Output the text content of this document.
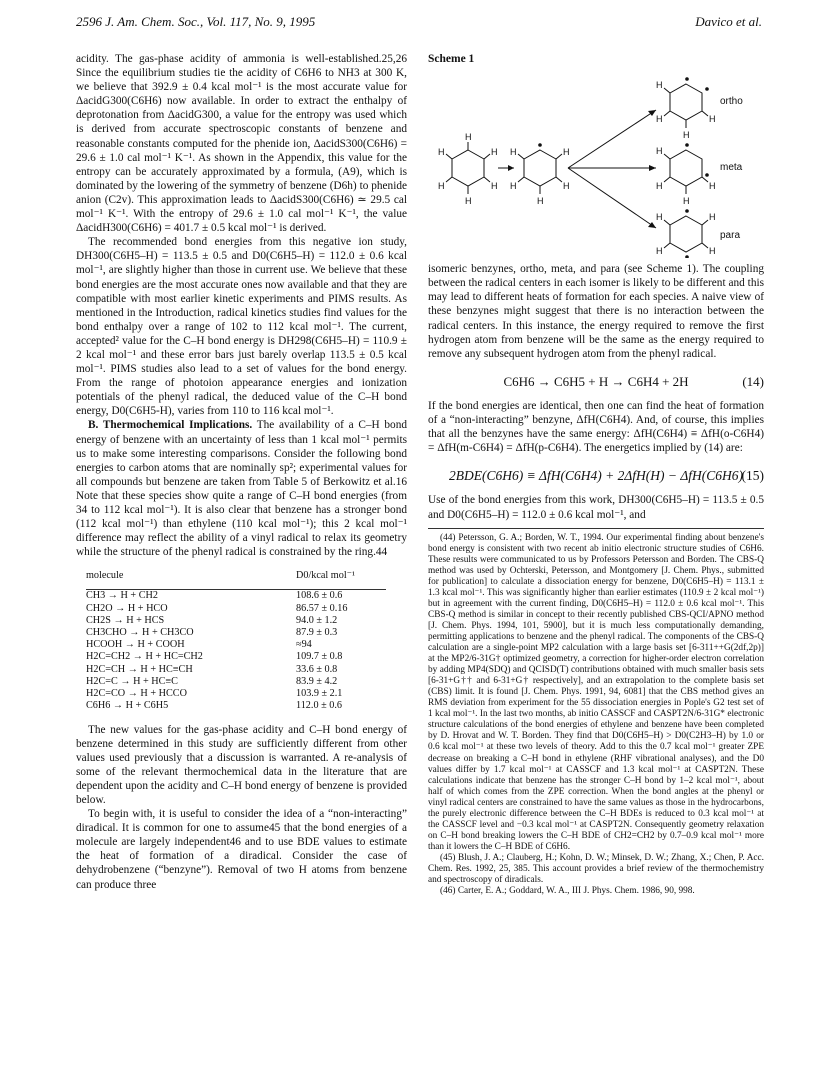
2596 J. Am. Chem. Soc., Vol. 117, No. 9, 1995	Davico et al.

acidity. The gas-phase acidity of ammonia is well-established.25,26 Since the equilibrium studies tie the acidity of C6H6 to NH3 at 300 K, we believe that 392.9 ± 0.4 kcal mol⁻¹ is the most accurate value for ΔacidG300(C6H6) now available. In order to extract the enthalpy of deprotonation from ΔacidG300, a value for the entropy was used which is derived from accurate spectroscopic constants of benzene and reasonable constants computed for the phenide ion, ΔacidS300(C6H6) = 29.6 ± 1.0 cal mol⁻¹ K⁻¹. As shown in the Appendix, this value for the entropy can be accurately approximated by a formula, (A9), which is dominated by the lowering of the symmetry of benzene (D6h) to phenide anion (C2v). This approximation leads to ΔacidS300(C6H6) ≃ 29.5 cal mol⁻¹ K⁻¹. With the entropy of 29.6 ± 1.0 cal mol⁻¹ K⁻¹, the value ΔacidH300(C6H6) = 401.7 ± 0.5 kcal mol⁻¹ is derived.

The recommended bond energies from this negative ion study, DH300(C6H5–H) = 113.5 ± 0.5 and D0(C6H5–H) = 112.0 ± 0.6 kcal mol⁻¹, are slightly higher than those in current use. We believe that these bond energies are the most accurate ones now available and that they are compatible with most earlier kinetic experiments and PIMS results. As mentioned in the Introduction, radical kinetics studies find values for the bond enthalpy over a range of 102 to 112 kcal mol⁻¹. The current, accepted² value for the C–H bond energy is DH298(C6H5–H) = 110.9 ± 2 kcal mol⁻¹ and these error bars just barely overlap 113.5 ± 0.5 kcal mol⁻¹. PIMS studies also lead to a set of values for the bond energy. From the range of photoion appearance energies and ionization potentials of the phenyl radical, the deduced value of the C–H bond energy, D0(C6H5-H), varies from 110 to 116 kcal mol⁻¹.

B. Thermochemical Implications. The availability of a C–H bond energy of benzene with an uncertainty of less than 1 kcal mol⁻¹ permits us to make some interesting comparisons. Consider the following bond energies to carbon atoms that are nominally sp²; experimental values for all compounds but benzene are taken from Table 5 of Berkowitz et al.16 Note that these species show quite a range of C–H bond energies (from 34 to 112 kcal mol⁻¹). It is also clear that benzene has a stronger bond (112 kcal mol⁻¹) than ethylene (110 kcal mol⁻¹); this 2 kcal mol⁻¹ difference may reflect the ability of a vinyl radical to relax its geometry while the structure of the phenyl radical is constrained by the ring.44

molecule	D0/kcal mol⁻¹
CH3 → H + CH2	108.6 ± 0.6
CH2O → H + HCO	86.57 ± 0.16
CH2S → H + HCS	94.0 ± 1.2
CH3CHO → H + CH3CO	87.9 ± 0.3
HCOOH → H + COOH	≈94
H2C=CH2 → H + HC=CH2	109.7 ± 0.8
H2C=CH → H + HC≡CH	33.6 ± 0.8
H2C=C → H + HC≡C	83.9 ± 4.2
H2C=CO → H + HCCO	103.9 ± 2.1
C6H6 → H + C6H5	112.0 ± 0.6

The new values for the gas-phase acidity and C–H bond energy of benzene determined in this study are sufficiently different from other values used previously that a discussion is warranted. A re-analysis of some of the relevant thermochemical data in the literature that are dependent upon the acidity and C–H bond energy of benzene is provided below.

To begin with, it is useful to consider the idea of a “non-interacting” diradical. It is common for one to assume45 that the bond energies of a molecule are largely independent46 and to use BDE values to estimate the heat of formation of a diradical. Consider the case of dehydrobenzene (“benzyne”). Removal of two H atoms from benzene can produce three

Scheme 1
H
H
H
H
H
H
H
H
H
H
H
H
H	H
H
H
H	H
H
H	H
H	H
ortho
meta
para

isomeric benzynes, ortho, meta, and para (see Scheme 1). The coupling between the radical centers in each isomer is likely to be different and this may lead to different heats of formation for each species. A naive view of these benzynes might suggest that there is no interaction between the radical centers. In this instance, the energy required to remove the first hydrogen atom from benzene will be the same as the energy required to remove any subsequent hydrogen atom from the phenyl radical.

C6H6 → C6H5 + H → C6H4 + 2H	(14)

If the bond energies are identical, then one can find the heat of formation of a “non-interacting” benzyne, ΔfH(C6H4). And, of course, this implies that all the benzynes have the same energy: ΔfH(C6H4) ≡ ΔfH(o-C6H4) = ΔfH(m-C6H4) = ΔfH(p-C6H4). The energetics implied by (14) are:

2BDE(C6H6) ≡ ΔfH(C6H4) + 2ΔfH(H) − ΔfH(C6H6)
(15)

Use of the bond energies from this work, DH300(C6H5–H) = 113.5 ± 0.5 and D0(C6H5–H) = 112.0 ± 0.6 kcal mol⁻¹, and

(44) Petersson, G. A.; Borden, W. T., 1994. Our experimental finding about benzene's bond energy is consistent with two recent ab initio electronic structure studies of C6H6. These results were communicated to us by Professors Petersson and Borden. The CBS-Q method was used by Ochterski, Petersson, and Montgomery [J. Chem. Phys., submitted for publication] to calculate a dissociation energy for benzene, D0(C6H5–H) = 113.1 ± 1.3 kcal mol⁻¹. This was significantly higher than earlier estimates (110.9 ± 2 kcal mol⁻¹) but in agreement with the current finding, D0(C6H5–H) = 112.0 ± 0.6 kcal mol⁻¹. This CBS-Q method is similar in concept to their recently published CBS-QCI/APNO method [J. Chem. Phys. 1994, 101, 5900], but it is much less computationally demanding, permitting applications to benzene and the phenyl radical. The components of the CBS-Q calculation are a single-point MP2 calculation with a large basis set [6-311++G(2df,2p)] at the MP2/6-31G† optimized geometry, a correction for higher-order electron correlation by adding MP4(SDQ) and QCISD(T) contributions obtained with much smaller basis sets [6-31+G†† and 6-31+G† respectively], and an extrapolation to the complete basis set (CBS) limit. It is found [J. Chem. Phys. 1991, 94, 6081] that the CBS method gives an RMS deviation from experiment for the 55 dissociation energies in Pople's G2 test set of 1 kcal mol⁻¹. In the last two months, ab initio CASSCF and CASPT2N/6-31G* electronic structure calculations of the bond energies of ethylene and benzene have been completed by D. Hrovat and W. T. Borden. They find that D0(C6H5–H) > D0(C2H3–H) by 1.0 or 0.6 kcal mol⁻¹ at these two levels of theory. Add to this the 0.7 kcal mol⁻¹ greater ZPE decrease on breaking a C–H bond in ethylene (RHF vibrational analyses), and the D0 values differ by 1.7 kcal mol⁻¹ at CASSCF and 1.3 kcal mol⁻¹ at CASPT2N. These calculations indicate that benzene has the stronger C–H bond by 1–2 kcal mol⁻¹, about half of which comes from the ZPE correction. When the bond angles at the phenyl or vinyl radical centers are constrained to have the same values as those in the hydrocarbons, the purely electronic difference between the C–H BDEs is reduced to 0.3 kcal mol⁻¹ at the CASSCF level and −0.3 kcal mol⁻¹ at CASPT2N. Consequently geometry relaxation on C–H bond breaking lowers the C–H BDE of CH2=CH2 by 0.7–0.9 kcal mol⁻¹ more than it lowers the C–H BDE of C6H6.

(45) Blush, J. A.; Clauberg, H.; Kohn, D. W.; Minsek, D. W.; Zhang, X.; Chen, P. Acc. Chem. Res. 1992, 25, 385. This account provides a brief review of the thermochemistry and spectroscopy of diradicals.

(46) Carter, E. A.; Goddard, W. A., III J. Phys. Chem. 1986, 90, 998.
